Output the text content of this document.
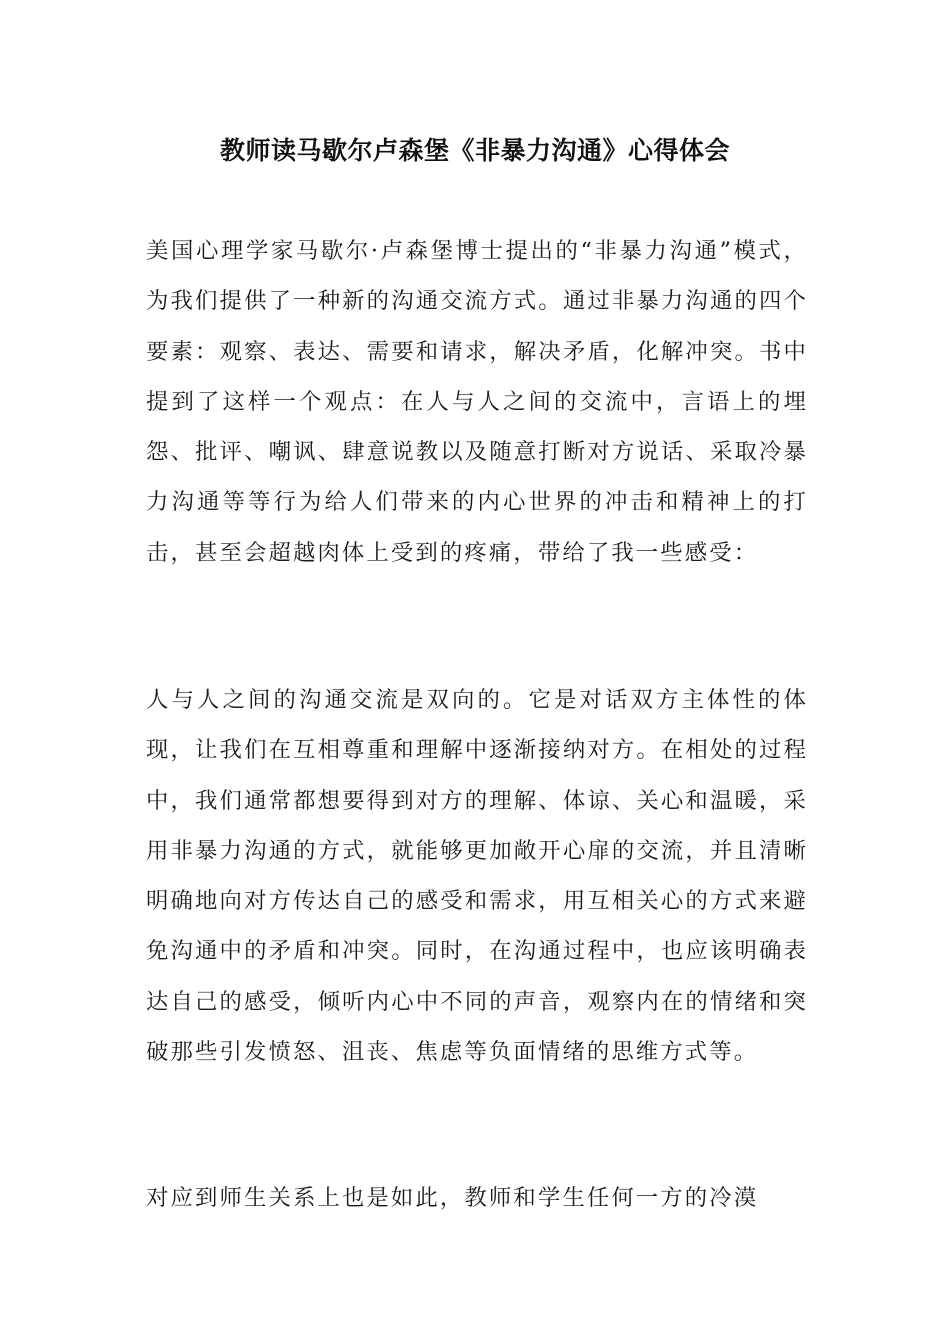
教师读马歇尔卢森堡《非暴力沟通》心得体会
美国心理学家马歇尔·卢森堡博士提出的“非暴力沟通”模式，为我们提供了一种新的沟通交流方式。通过非暴力沟通的四个要素：观察、表达、需要和请求，解决矛盾，化解冲突。书中提到了这样一个观点：在人与人之间的交流中，言语上的埋怨、批评、嘲讽、肆意说教以及随意打断对方说话、采取冷暴力沟通等等行为给人们带来的内心世界的冲击和精神上的打击，甚至会超越肉体上受到的疼痛，带给了我一些感受：
人与人之间的沟通交流是双向的。它是对话双方主体性的体现，让我们在互相尊重和理解中逐渐接纳对方。在相处的过程中，我们通常都想要得到对方的理解、体谅、关心和温暖，采用非暴力沟通的方式，就能够更加敞开心扉的交流，并且清晰明确地向对方传达自己的感受和需求，用互相关心的方式来避免沟通中的矛盾和冲突。同时，在沟通过程中，也应该明确表达自己的感受，倾听内心中不同的声音，观察内在的情绪和突破那些引发愤怒、沮丧、焦虑等负面情绪的思维方式等。
对应到师生关系上也是如此，教师和学生任何一方的冷漠
